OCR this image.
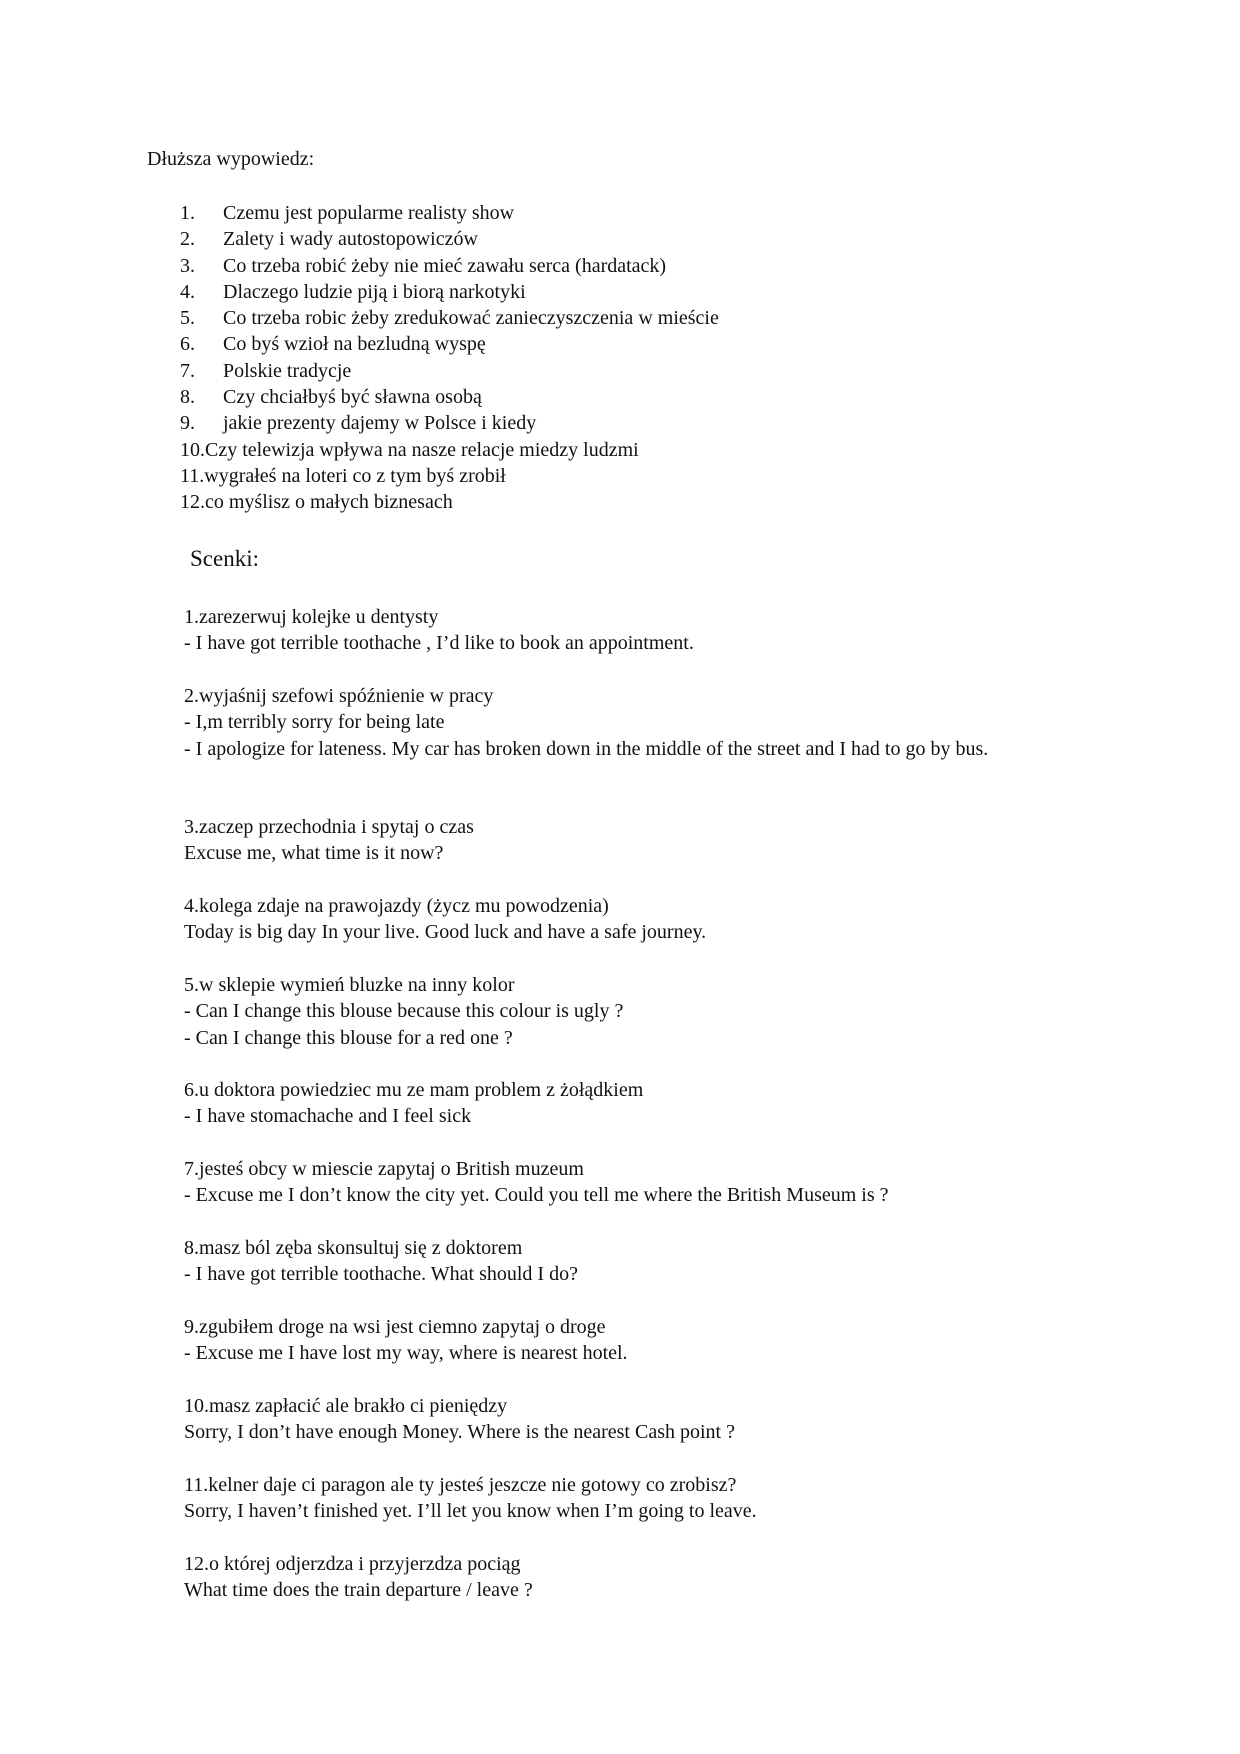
Dłuższa wypowiedz:
1. Czemu jest popularme realisty show
2. Zalety i wady autostopowiczów
3. Co trzeba robić żeby nie mieć zawału serca (hardatack)
4. Dlaczego ludzie piją i biorą narkotyki
5. Co trzeba robic żeby zredukować zanieczyszczenia w mieście
6. Co byś wzioł na bezludną wyspę
7. Polskie tradycje
8. Czy chciałbyś być sławna osobą
9. jakie prezenty dajemy w Polsce i kiedy
10.Czy telewizja wpływa na nasze relacje miedzy ludzmi
11.wygrałeś na loteri co z tym byś zrobił
12.co myślisz o małych biznesach
Scenki:
1.zarezerwuj kolejke u dentysty
- I have got terrible toothache , I’d like to book an appointment.
2.wyjaśnij szefowi spóźnienie w pracy
- I,m terribly sorry for being late
- I apologize for lateness. My car has broken down in the middle of the street and I had to go by bus.
3.zaczep przechodnia i spytaj o czas
Excuse me, what time is it now?
4.kolega zdaje na prawojazdy (życz mu powodzenia)
Today is big day In your live. Good luck and have a safe journey.
5.w sklepie wymień bluzke na inny kolor
- Can I change this blouse because this colour is ugly ?
- Can I change this blouse for a red one ?
6.u doktora powiedziec mu ze mam problem z żołądkiem
- I have stomachache and I feel sick
7.jesteś obcy w miescie zapytaj o British muzeum
- Excuse me I don’t know the city yet. Could you tell me where the British Museum is ?
8.masz ból zęba skonsultuj się z doktorem
- I have got terrible toothache. What should I do?
9.zgubiłem droge na wsi jest ciemno zapytaj o droge
- Excuse me I have lost my way, where is nearest hotel.
10.masz zapłacić ale brakło ci pieniędzy
Sorry, I don’t have enough Money. Where is the nearest Cash point ?
11.kelner daje ci paragon ale ty jesteś jeszcze nie gotowy co zrobisz?
Sorry, I haven’t finished yet. I’ll let you know when I’m going to leave.
12.o której odjerzdza i przyjerzdza pociąg
What time does the train departure / leave ?
